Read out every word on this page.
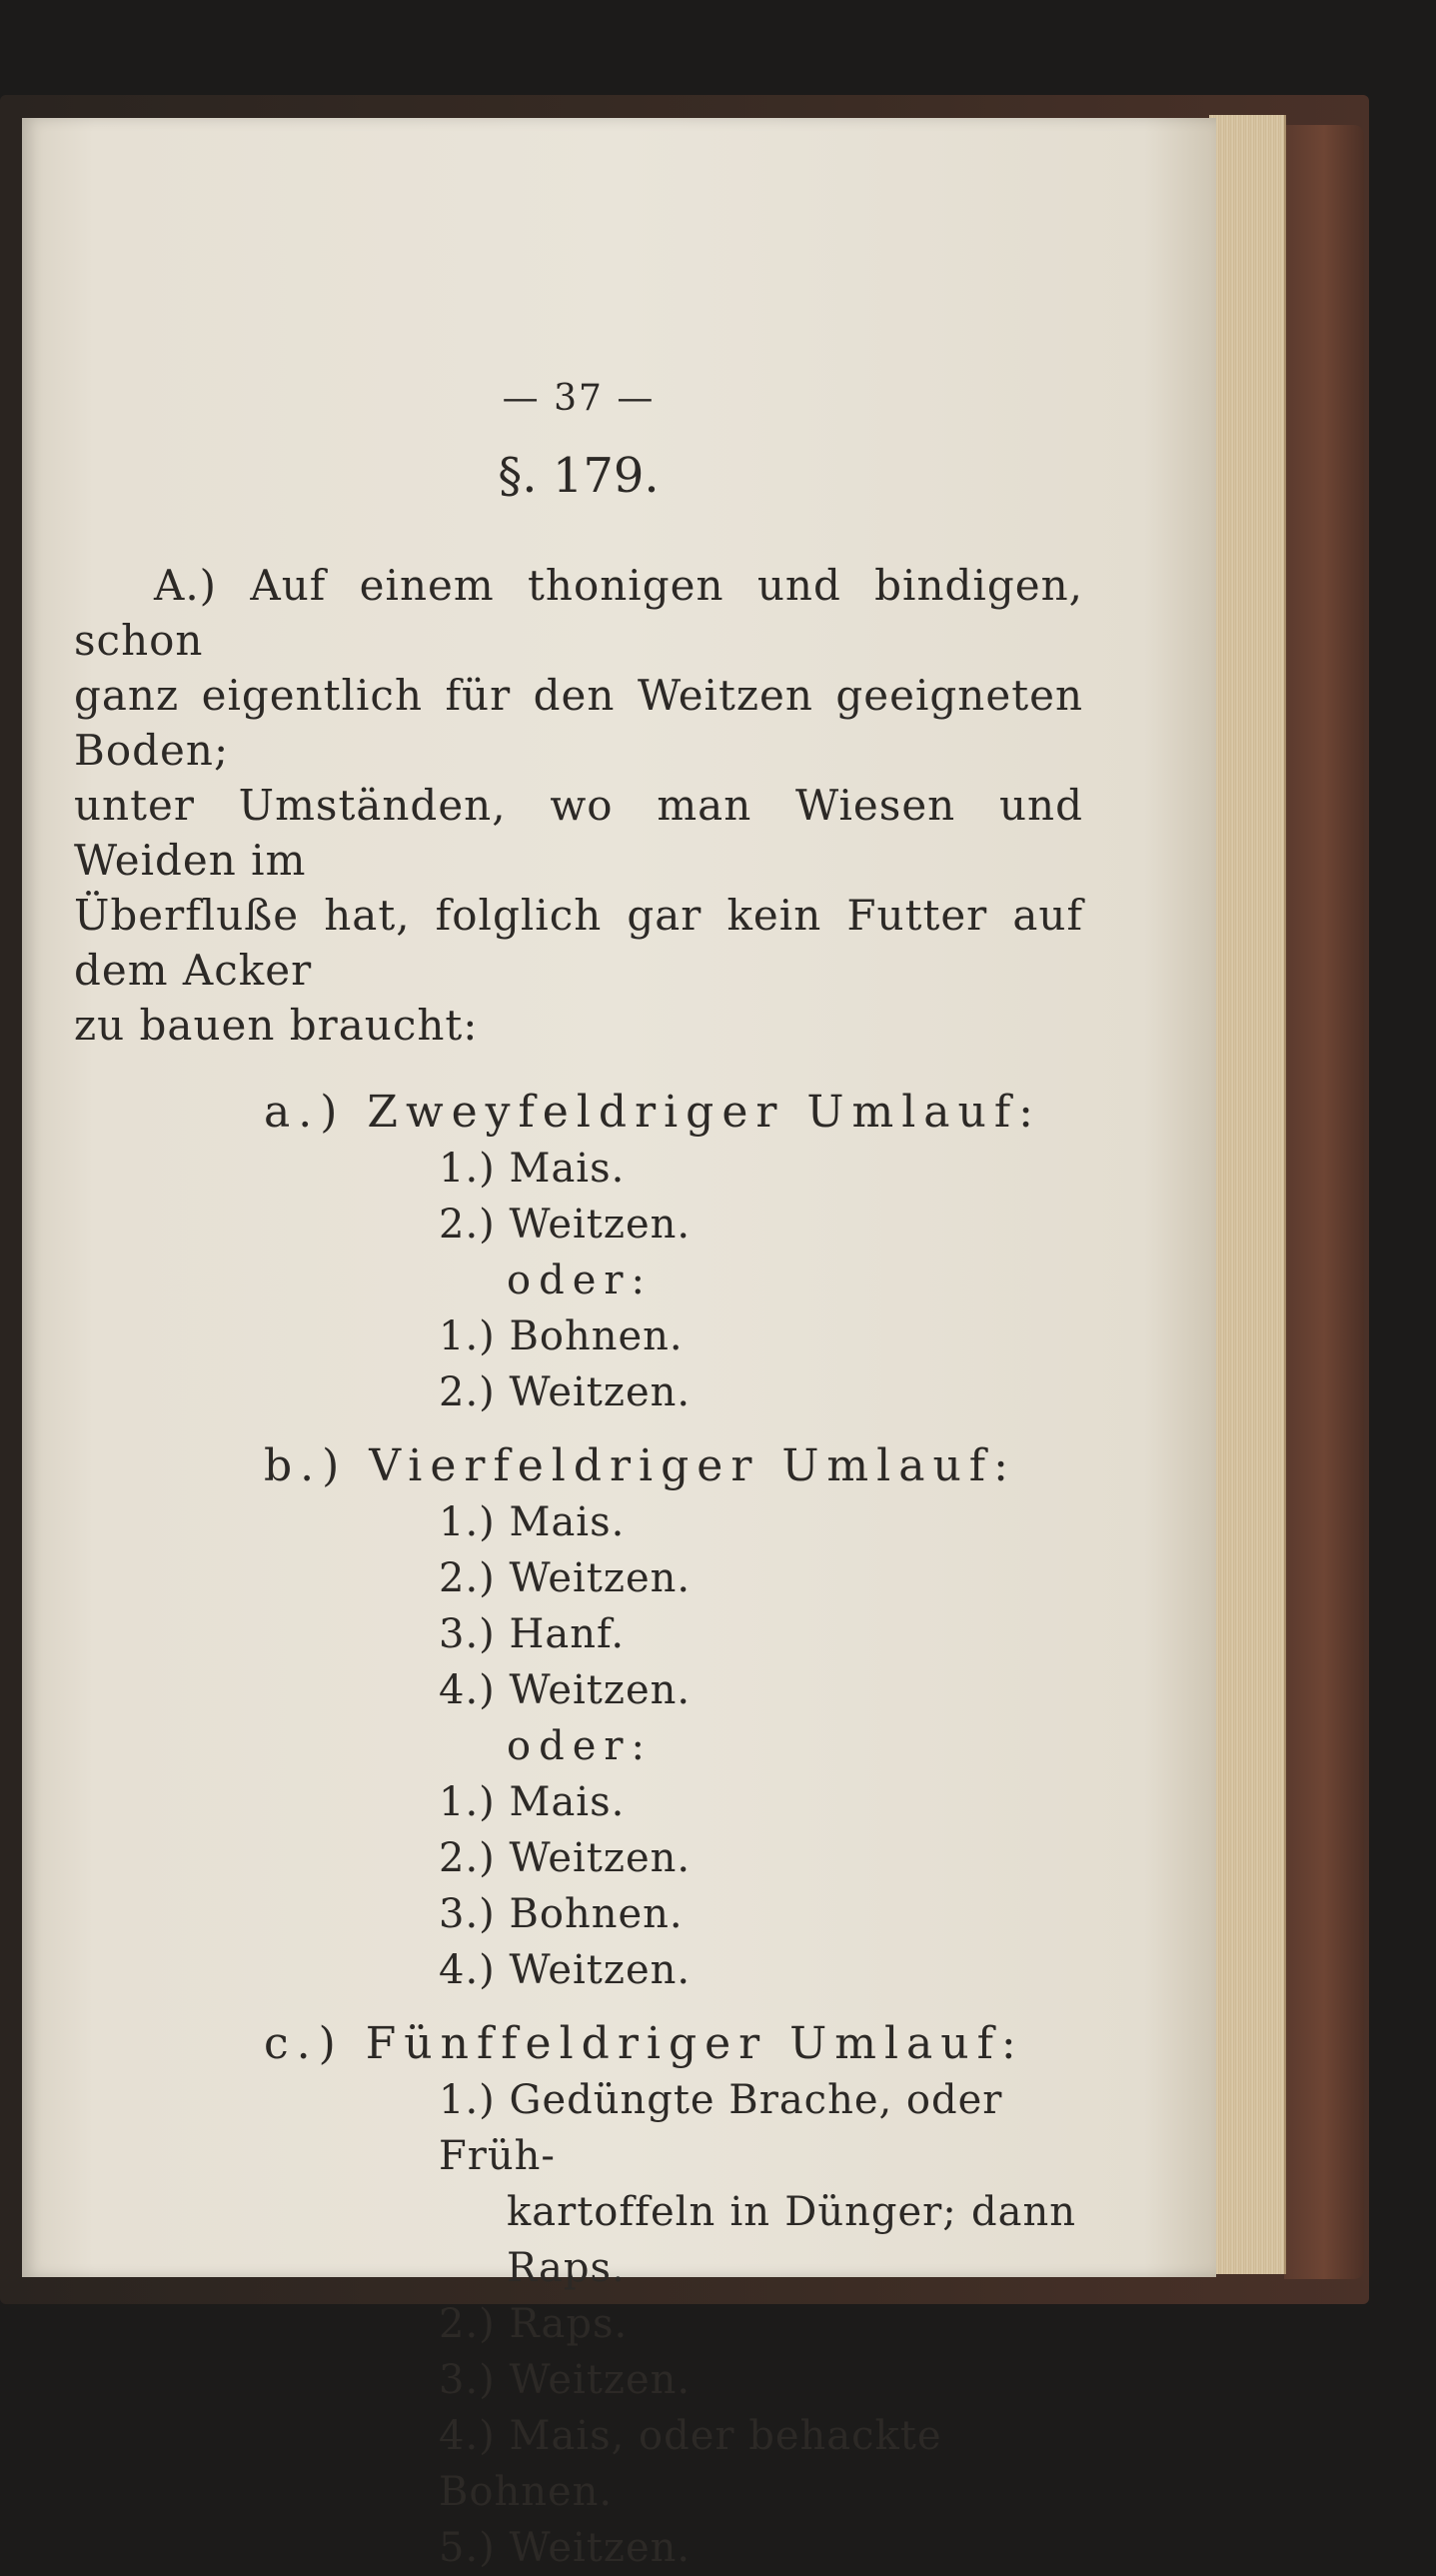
— 37 —
§. 179.
A.) Auf einem thonigen und bindigen, schon
ganz eigentlich für den Weitzen geeigneten Boden;
unter Umständen, wo man Wiesen und Weiden im
Überfluße hat, folglich gar kein Futter auf dem Acker
zu bauen braucht:
a.) Zweyfeldriger Umlauf:
1.) Mais.
2.) Weitzen.
oder:
1.) Bohnen.
2.) Weitzen.
b.) Vierfeldriger Umlauf:
1.) Mais.
2.) Weitzen.
3.) Hanf.
4.) Weitzen.
oder:
1.) Mais.
2.) Weitzen.
3.) Bohnen.
4.) Weitzen.
c.) Fünffeldriger Umlauf:
1.) Gedüngte Brache, oder Früh-
kartoffeln in Dünger; dann
Raps.
2.) Raps.
3.) Weitzen.
4.) Mais, oder behackte Bohnen.
5.) Weitzen.
